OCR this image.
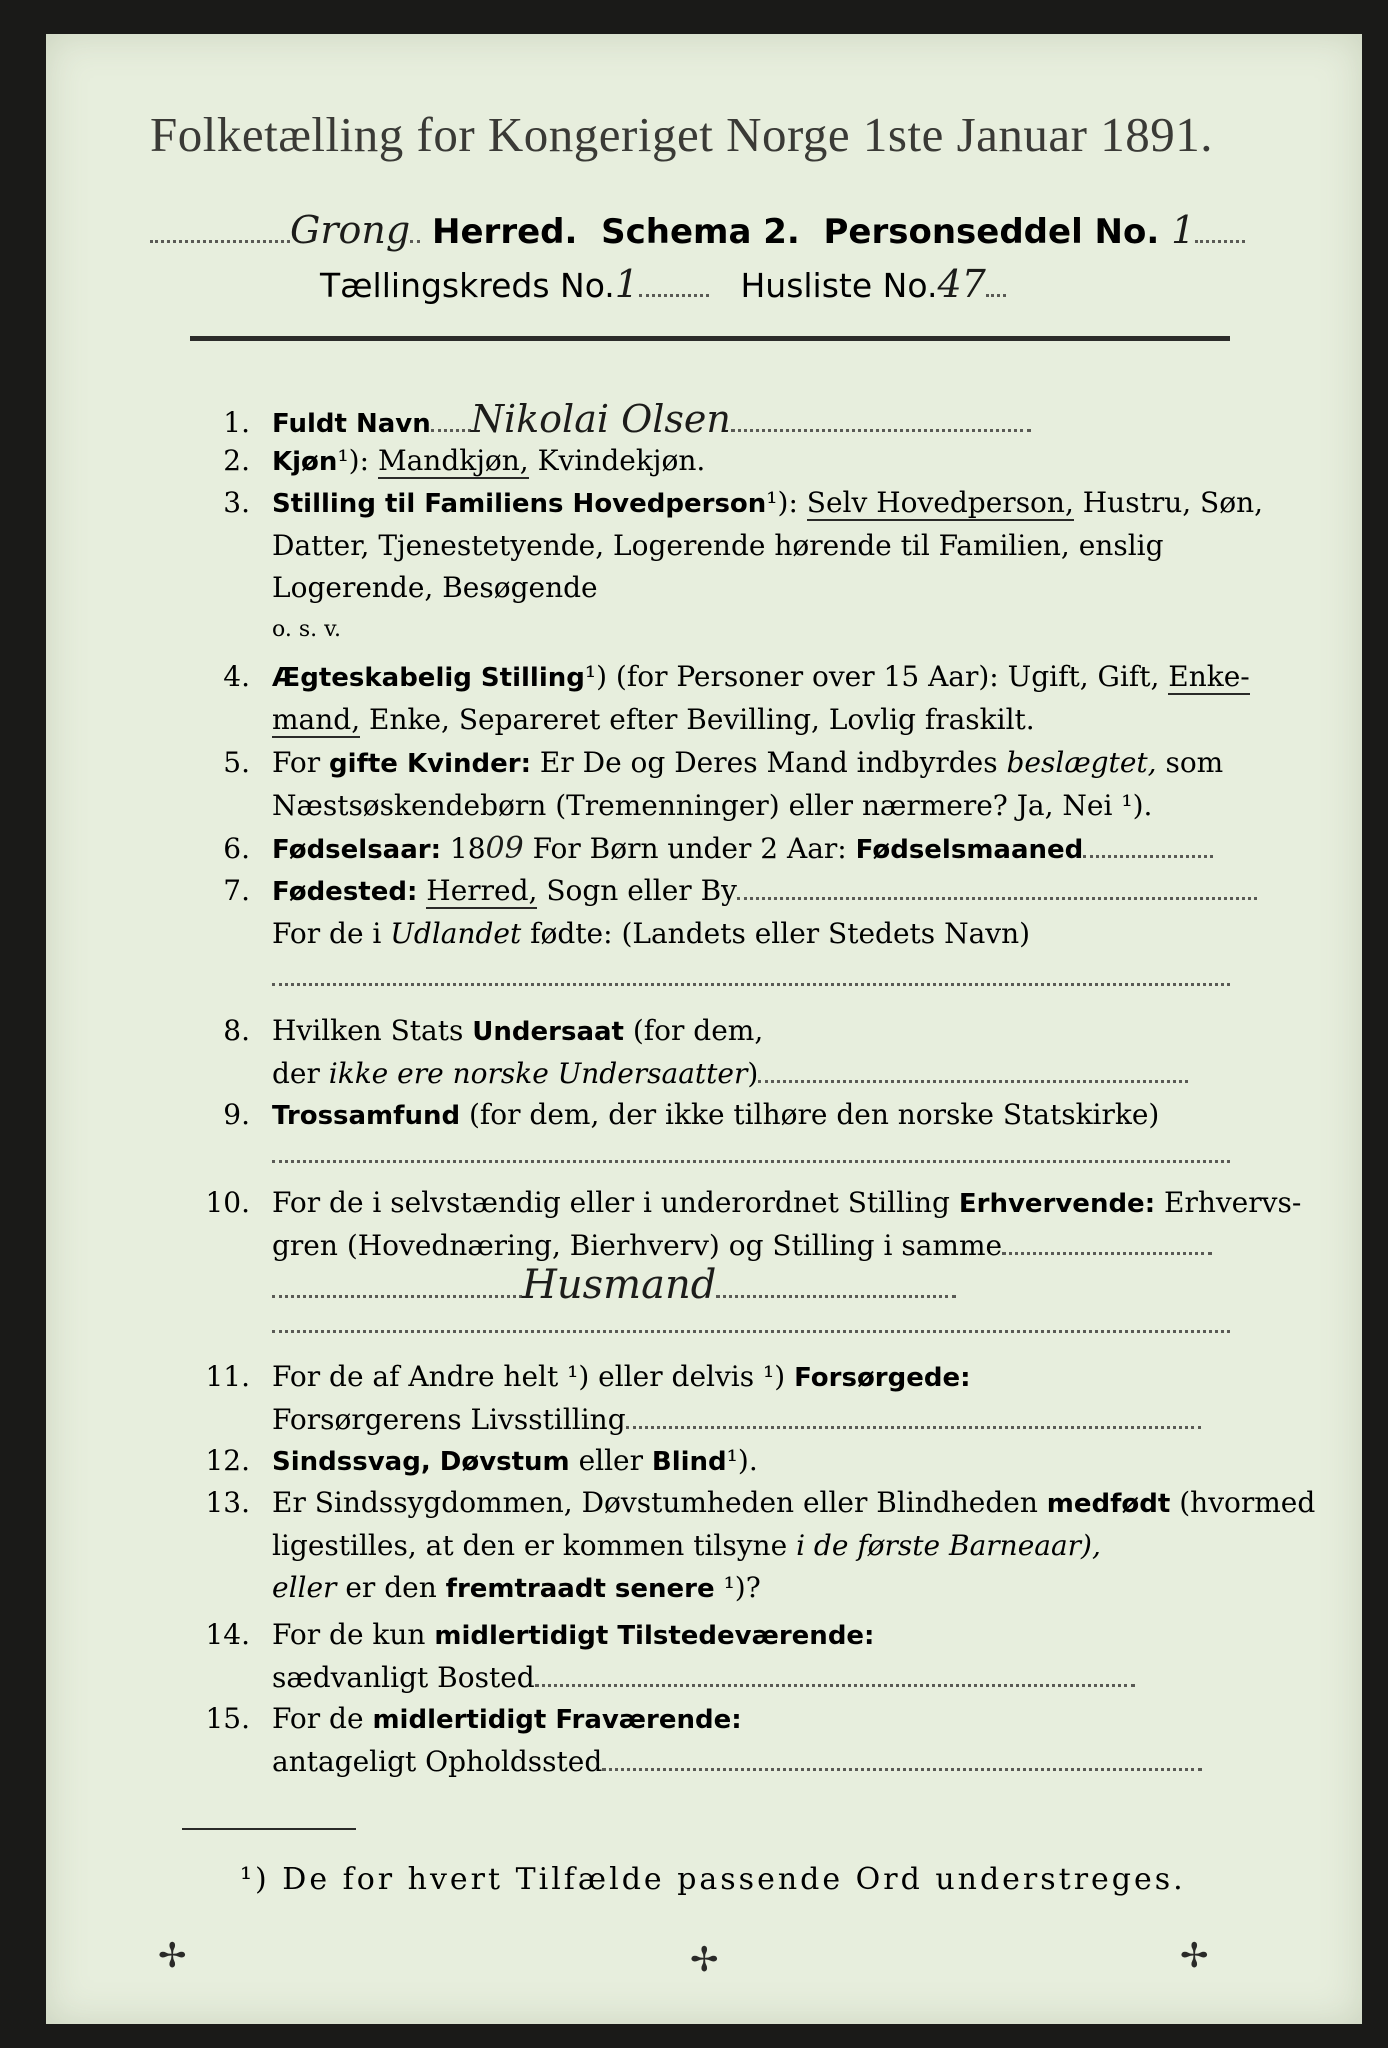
Folketælling for Kongeriget Norge 1ste Januar 1891.
Grong Herred. Schema 2. Personseddel No. 1
Tællingskreds No.1	Husliste No.47
1. Fuldt Navn Nikolai Olsen
2. Kjøn¹): Mandkjøn, Kvindekjøn.
3. Stilling til Familiens Hovedperson¹): Selv Hovedperson, Hustru, Søn,
Datter, Tjenestetyende, Logerende hørende til Familien, enslig
Logerende, Besøgende
o. s. v.
4. Ægteskabelig Stilling¹) (for Personer over 15 Aar): Ugift, Gift, Enke-
mand, Enke, Separeret efter Bevilling, Lovlig fraskilt.
5. For gifte Kvinder: Er De og Deres Mand indbyrdes beslægtet, som
Næstsøskendebørn (Tremenninger) eller nærmere? Ja, Nei ¹).
6. Fødselsaar: 1809 For Børn under 2 Aar: Fødselsmaaned
7. Fødested: Herred, Sogn eller By
For de i Udlandet fødte: (Landets eller Stedets Navn)
8. Hvilken Stats Undersaat (for dem,
der ikke ere norske Undersaatter)
9. Trossamfund (for dem, der ikke tilhøre den norske Statskirke)
10. For de i selvstændig eller i underordnet Stilling Erhvervende: Erhvervs-
gren (Hovednæring, Bierhverv) og Stilling i samme
Husmand
11. For de af Andre helt ¹) eller delvis ¹) Forsørgede:
Forsørgerens Livsstilling
12. Sindssvag, Døvstum eller Blind¹).
13. Er Sindssygdommen, Døvstumheden eller Blindheden medfødt (hvormed
ligestilles, at den er kommen tilsyne i de første Barneaar),
eller er den fremtraadt senere ¹)?
14. For de kun midlertidigt Tilstedeværende:
sædvanligt Bosted
15. For de midlertidigt Fraværende:
antageligt Opholdssted
¹) De for hvert Tilfælde passende Ord understreges.
✢	✢	✢
